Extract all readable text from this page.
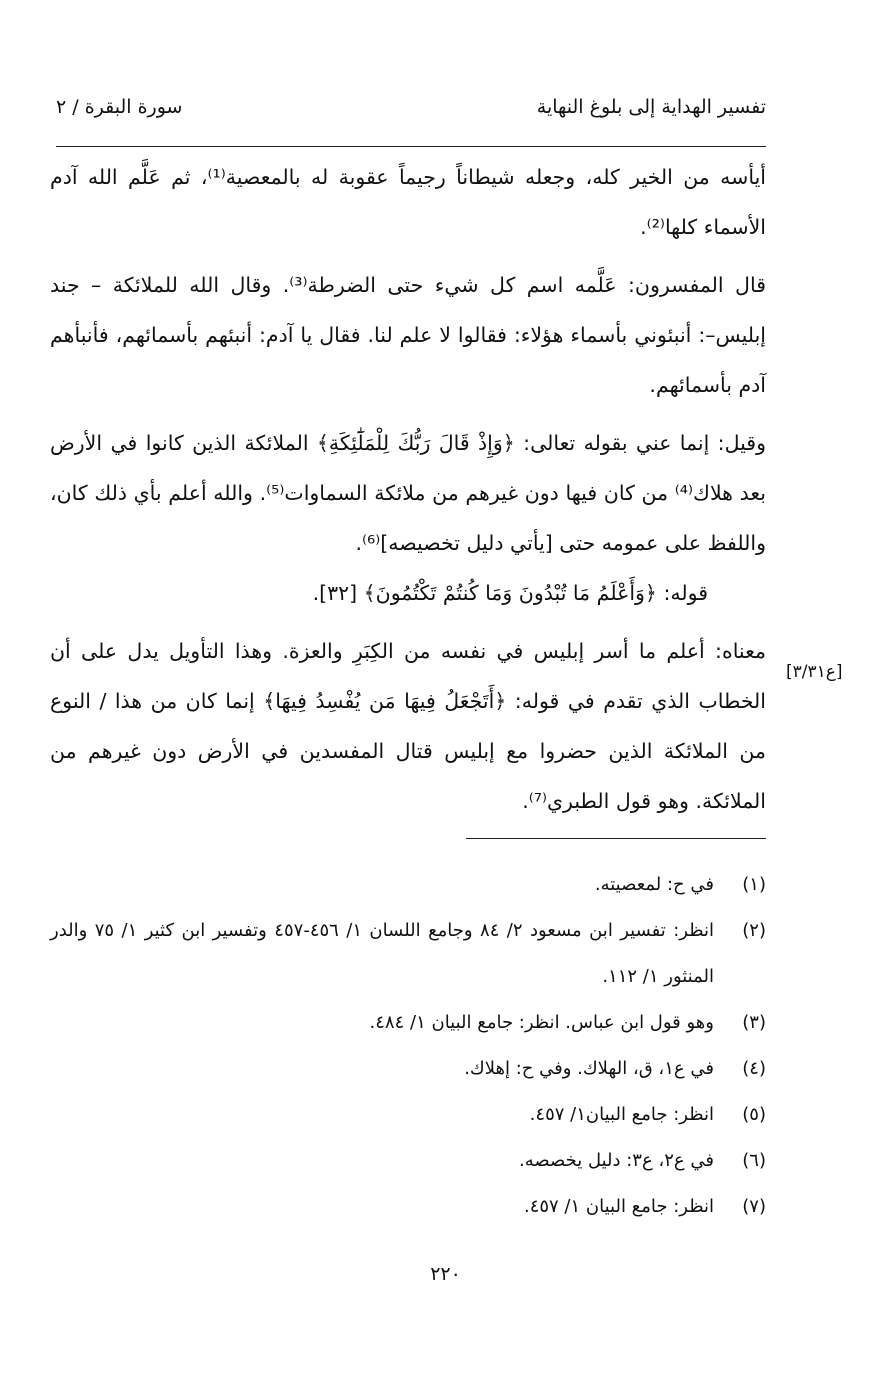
تفسير الهداية إلى بلوغ النهاية
سورة البقرة / ٢

أيأسه من الخير كله، وجعله شيطاناً رجيماً عقوبة له بالمعصية⁽¹⁾، ثم عَلَّم الله آدم الأسماء كلها⁽²⁾.

قال المفسرون: عَلَّمه اسم كل شيء حتى الضرطة⁽³⁾. وقال الله للملائكة – جند إبليس–: أنبئوني بأسماء هؤلاء: فقالوا لا علم لنا. فقال يا آدم: أنبئهم بأسمائهم، فأنبأهم آدم بأسمائهم.

وقيل: إنما عني بقوله تعالى: ﴿وَإِذْ قَالَ رَبُّكَ لِلْمَلَٰٓئِكَةِ﴾ الملائكة الذين كانوا في الأرض بعد هلاك⁽⁴⁾ من كان فيها دون غيرهم من ملائكة السماوات⁽⁵⁾. والله أعلم بأي ذلك كان، واللفظ على عمومه حتى [يأتي دليل تخصيصه]⁽⁶⁾.

قوله: ﴿وَأَعْلَمُ مَا تُبْدُونَ وَمَا كُنتُمْ تَكْتُمُونَ﴾ [٣٢].

معناه: أعلم ما أسر إبليس في نفسه من الكِبَرِ والعزة. وهذا التأويل يدل على أن الخطاب الذي تقدم في قوله: ﴿أَتَجْعَلُ فِيهَا مَن يُفْسِدُ فِيهَا﴾ إنما كان من هذا / النوع من الملائكة الذين حضروا مع إبليس قتال المفسدين في الأرض دون غيرهم من الملائكة. وهو قول الطبري⁽⁷⁾.

[ع٣/٣١]
(١)
في ح: لمعصيته.
(٢)
انظر: تفسير ابن مسعود ٢/ ٨٤ وجامع اللسان ١/ ٤٥٦-٤٥٧ وتفسير ابن كثير ١/ ٧٥ والدر المنثور ١/ ١١٢.
(٣)
وهو قول ابن عباس. انظر: جامع البيان ١/ ٤٨٤.
(٤)
في ع١، ق، الهلاك. وفي ح: إهلاك.
(٥)
انظر: جامع البيان١/ ٤٥٧.
(٦)
في ع٢، ع٣: دليل يخصصه.
(٧)
انظر: جامع البيان ١/ ٤٥٧.
٢٢٠
